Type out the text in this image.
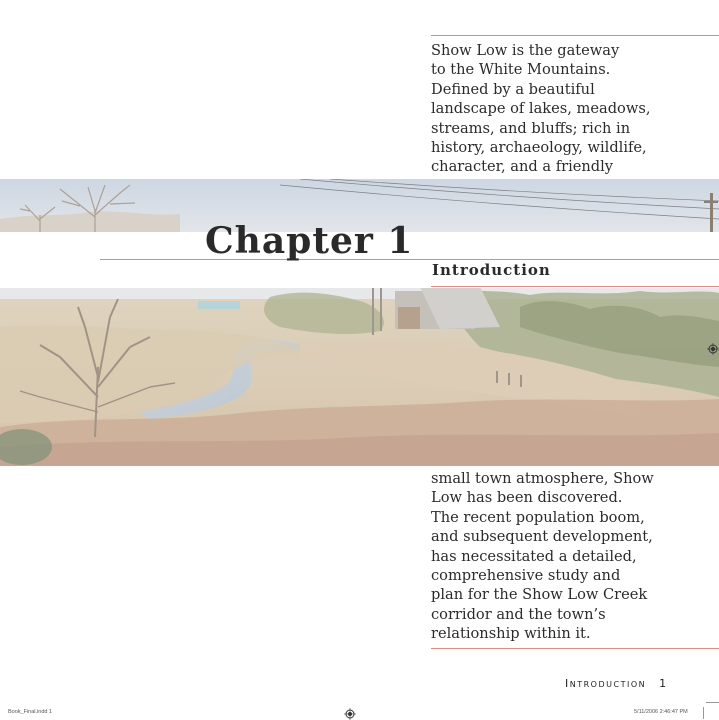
Show Low is the gateway
to the White Mountains.
Defined by a beautiful
landscape of lakes, meadows,
streams, and bluffs; rich in
history, archaeology, wildlife,
character, and a friendly
Chapter 1
Introduction
small town atmosphere, Show
Low has been discovered.
The recent population boom,
and subsequent development,
has necessitated a detailed,
comprehensive study and
plan for the Show Low Creek
corridor and the town’s
relationship within it.
Introduction 1
Book_Final.indd 1	5/11/2006 2:46:47 PM
